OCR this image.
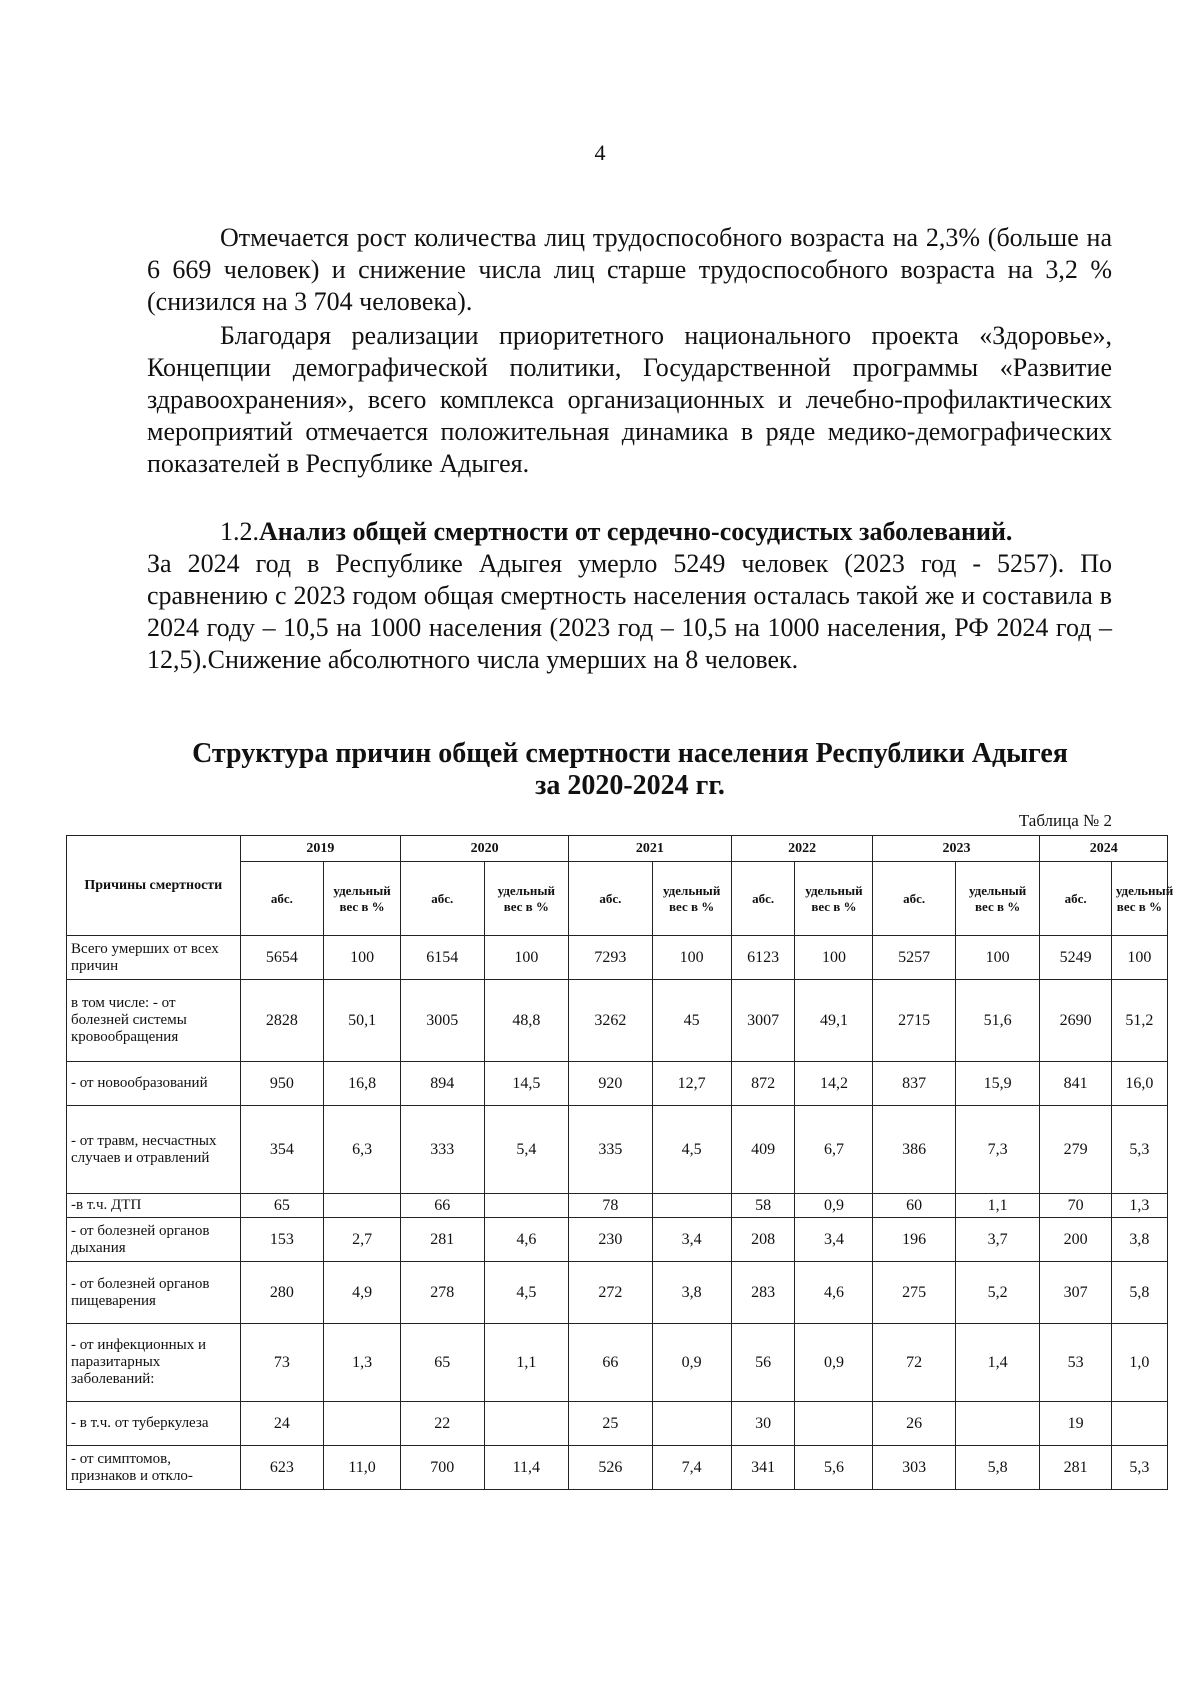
4

Отмечается рост количества лиц трудоспособного возраста на 2,3% (больше на 6 669 человек) и снижение числа лиц старше трудоспособного возраста на 3,2 % (снизился на 3 704 человека).

Благодаря реализации приоритетного национального проекта «Здоровье», Концепции демографической политики, Государственной программы «Развитие здравоохранения», всего комплекса организационных и лечебно-профилактических мероприятий отмечается положительная динамика в ряде медико-демографических показателей в Республике Адыгея.

1.2.Анализ общей смертности от сердечно-сосудистых заболеваний.
За 2024 год в Республике Адыгея умерло 5249 человек (2023 год - 5257). По сравнению с 2023 годом общая смертность населения осталась такой же и составила в 2024 году – 10,5 на 1000 населения (2023 год – 10,5 на 1000 населения, РФ 2024 год – 12,5).Снижение абсолютного числа умерших на 8 человек.

Структура причин общей смертности населения Республики Адыгея за 2020-2024 гг.
Таблица № 2
Причины смертности	2019		2020		2021		2022		2023		2024	
	абс.	удельный вес в %	абс.	удельный вес в %	абс.	удельный вес в %	абс.	удельный вес в %	абс.	удельный вес в %	абс.	удельный вес в %
Всего умерших от всех причин	5654	100	6154	100	7293	100	6123	100	5257	100	5249	100
в том числе: - от болезней системы кровообращения	2828	50,1	3005	48,8	3262	45	3007	49,1	2715	51,6	2690	51,2
- от новообразований	950	16,8	894	14,5	920	12,7	872	14,2	837	15,9	841	16,0
- от травм, несчастных случаев и отравлений	354	6,3	333	5,4	335	4,5	409	6,7	386	7,3	279	5,3
-в т.ч. ДТП	65		66		78		58	0,9	60	1,1	70	1,3
- от болезней органов дыхания	153	2,7	281	4,6	230	3,4	208	3,4	196	3,7	200	3,8
- от болезней органов пищеварения	280	4,9	278	4,5	272	3,8	283	4,6	275	5,2	307	5,8
- от инфекционных и паразитарных заболеваний:	73	1,3	65	1,1	66	0,9	56	0,9	72	1,4	53	1,0
- в т.ч. от туберкулеза	24		22		25		30		26		19	
- от симптомов, признаков и откло-	623	11,0	700	11,4	526	7,4	341	5,6	303	5,8	281	5,3
